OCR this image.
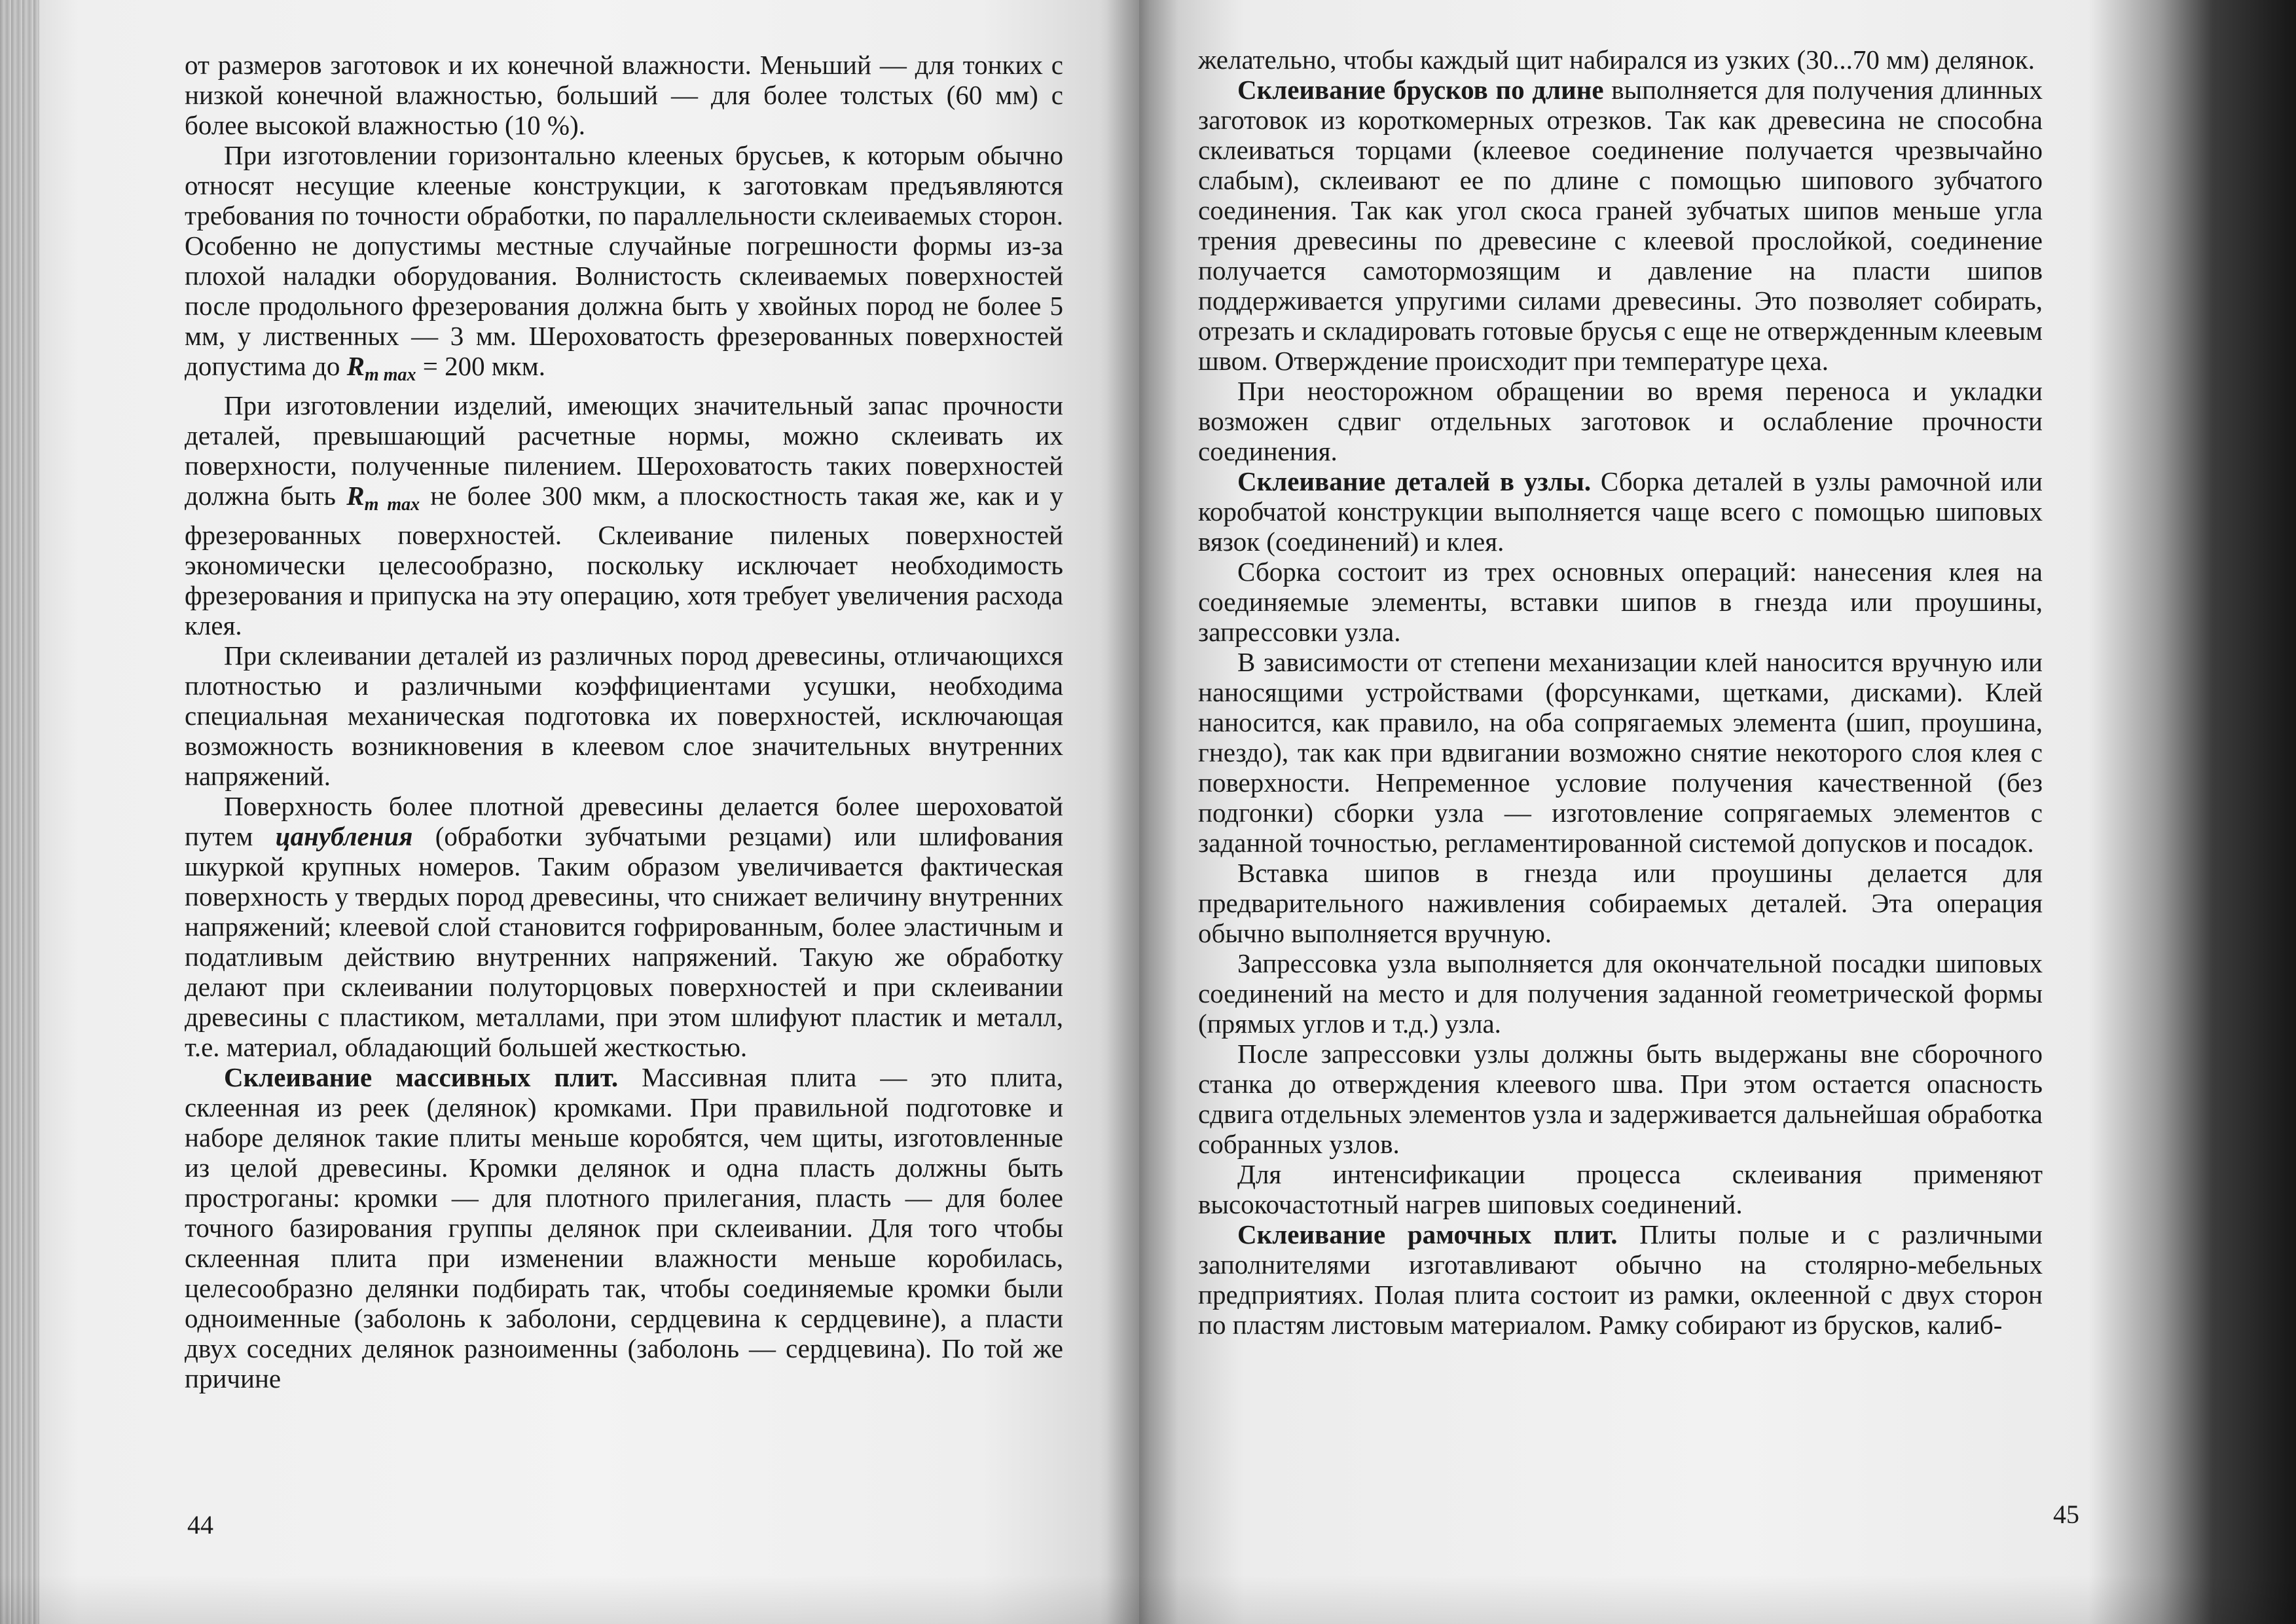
от размеров заготовок и их конечной влажности. Меньший — для тонких с низкой конечной влажностью, больший — для более толстых (60 мм) с более высокой влажностью (10 %).

При изготовлении горизонтально клееных брусьев, к которым обычно относят несущие клееные конструкции, к заготовкам предъявляются требования по точности обработки, по параллельности склеиваемых сторон. Особенно не допустимы местные случайные погрешности формы из-за плохой наладки оборудования. Волнистость склеиваемых поверхностей после продольного фрезерования должна быть у хвойных пород не более 5 мм, у лиственных — 3 мм. Шероховатость фрезерованных поверхностей допустима до $R_{m max} = 200$ мкм.

При изготовлении изделий, имеющих значительный запас прочности деталей, превышающий расчетные нормы, можно склеивать их поверхности, полученные пилением. Шероховатость таких поверхностей должна быть $R_{m max}$ не более 300 мкм, а плоскостность такая же, как и у фрезерованных поверхностей. Склеивание пиленых поверхностей экономически целесообразно, поскольку исключает необходимость фрезерования и припуска на эту операцию, хотя требует увеличения расхода клея.

При склеивании деталей из различных пород древесины, отличающихся плотностью и различными коэффициентами усушки, необходима специальная механическая подготовка их поверхностей, исключающая возможность возникновения в клеевом слое значительных внутренних напряжений.

Поверхность более плотной древесины делается более шероховатой путем цанубления (обработки зубчатыми резцами) или шлифования шкуркой крупных номеров. Таким образом увеличивается фактическая поверхность у твердых пород древесины, что снижает величину внутренних напряжений; клеевой слой становится гофрированным, более эластичным и податливым действию внутренних напряжений. Такую же обработку делают при склеивании полуторцовых поверхностей и при склеивании древесины с пластиком, металлами, при этом шлифуют пластик и металл, т.е. материал, обладающий большей жесткостью.

Склеивание массивных плит. Массивная плита — это плита, склеенная из реек (делянок) кромками. При правильной подготовке и наборе делянок такие плиты меньше коробятся, чем щиты, изготовленные из целой древесины. Кромки делянок и одна пласть должны быть прострoганы: кромки — для плотного прилегания, пласть — для более точного базирования группы делянок при склеивании. Для того чтобы склеенная плита при изменении влажности меньше коробилась, целесообразно делянки подбирать так, чтобы соединяемые кромки были одноименные (заболонь к заболони, сердцевина к сердцевине), а пласти двух соседних делянок разноименны (заболонь — сердцевина). По той же причине

44

желательно, чтобы каждый щит набирался из узких (30...70 мм) делянок.

Склеивание брусков по длине выполняется для получения длинных заготовок из короткомерных отрезков. Так как древесина не способна склеиваться торцами (клеевое соединение получается чрезвычайно слабым), склеивают ее по длине с помощью шипового зубчатого соединения. Так как угол скоса граней зубчатых шипов меньше угла трения древесины по древесине с клеевой прослойкой, соединение получается самотормозящим и давление на пласти шипов поддерживается упругими силами древесины. Это позволяет собирать, отрезать и складировать готовые брусья с еще не отвержденным клеевым швом. Отверждение происходит при температуре цеха.

При неосторожном обращении во время переноса и укладки возможен сдвиг отдельных заготовок и ослабление прочности соединения.

Склеивание деталей в узлы. Сборка деталей в узлы рамочной или коробчатой конструкции выполняется чаще всего с помощью шиповых вязок (соединений) и клея.

Сборка состоит из трех основных операций: нанесения клея на соединяемые элементы, вставки шипов в гнезда или проушины, запрессовки узла.

В зависимости от степени механизации клей наносится вручную или наносящими устройствами (форсунками, щетками, дисками). Клей наносится, как правило, на оба сопрягаемых элемента (шип, проушина, гнездо), так как при вдвигании возможно снятие некоторого слоя клея с поверхности. Непременное условие получения качественной (без подгонки) сборки узла — изготовление сопрягаемых элементов с заданной точностью, регламентированной системой допусков и посадок.

Вставка шипов в гнезда или проушины делается для предварительного наживления собираемых деталей. Эта операция обычно выполняется вручную.

Запрессовка узла выполняется для окончательной посадки шиповых соединений на место и для получения заданной геометрической формы (прямых углов и т.д.) узла.

После запрессовки узлы должны быть выдержаны вне сборочного станка до отверждения клеевого шва. При этом остается опасность сдвига отдельных элементов узла и задерживается дальнейшая обработка собранных узлов.

Для интенсификации процесса склеивания применяют высокочастотный нагрев шиповых соединений.

Склеивание рамочных плит. Плиты полые и с различными заполнителями изготавливают обычно на столярно-мебельных предприятиях. Полая плита состоит из рамки, оклеенной с двух сторон по пластям листовым материалом. Рамку собирают из брусков, калиб-

45
